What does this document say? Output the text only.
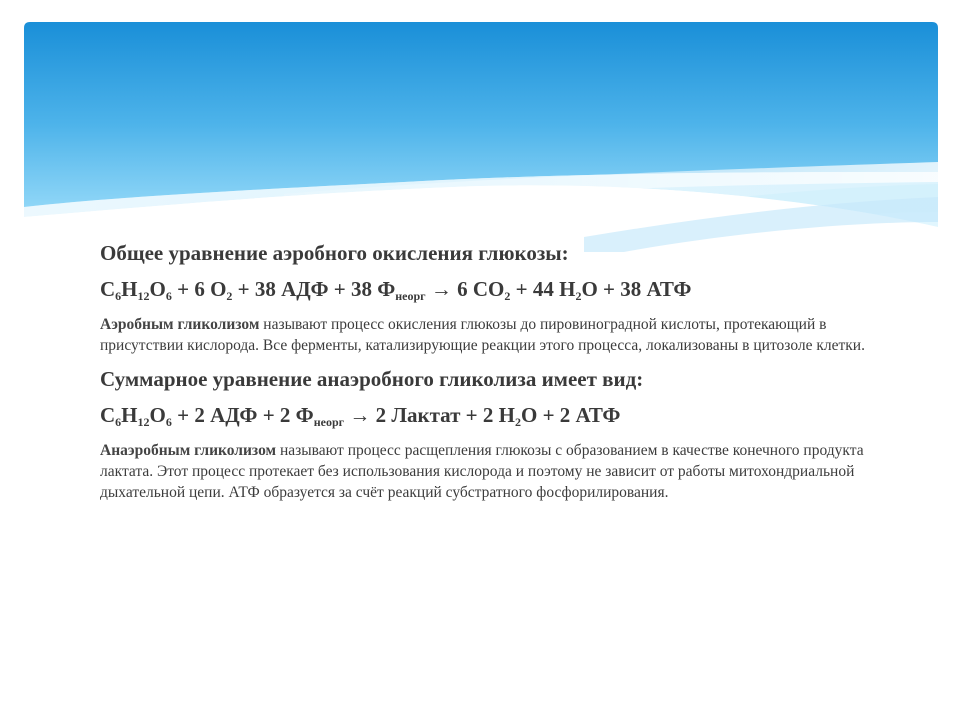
Общее уравнение аэробного окисления глюкозы:

$C_6H_{12}O_6 + 6$ $O_2 + 38$ АДФ + 38 $Ф_{неорг} \to 6$ $CO_2 + 44$ $H_2O + 38$ АТФ

Аэробным гликолизом называют процесс окисления глюкозы до пировиноградной кислоты, протекающий в присутствии кислорода. Все ферменты, катализирующие реакции этого процесса, локализованы в цитозоле клетки.

Суммарное уравнение анаэробного гликолиза имеет вид:

$C_6H_{12}O_6 + 2$ АДФ + 2 $Ф_{неорг} \to 2$ Лактат + 2 $H_2O + 2$ АТФ

Анаэробным гликолизом называют процесс расщепления глюкозы с образованием в качестве конечного продукта лактата. Этот процесс протекает без использования кислорода и поэтому не зависит от работы митохондриальной дыхательной цепи. АТФ образуется за счёт реакций субстратного фосфорилирования.
